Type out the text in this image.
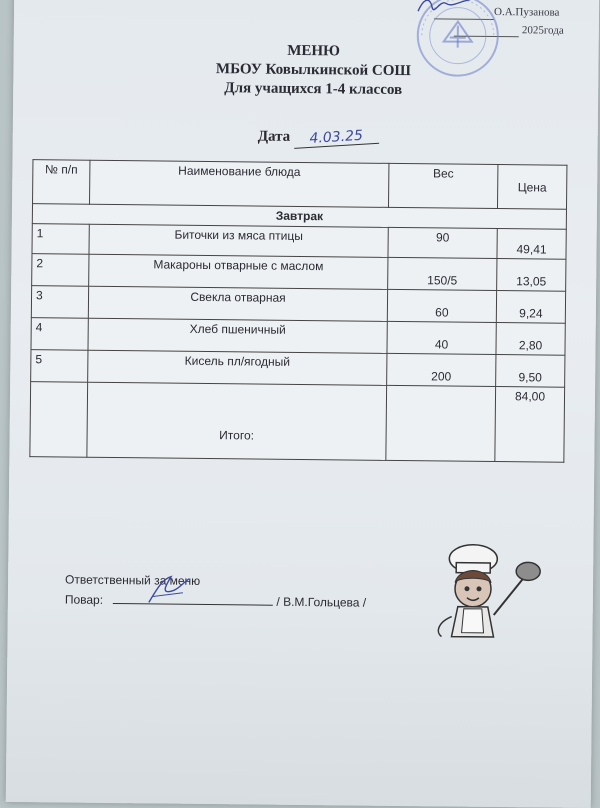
О.А.Пузанова
2025года
МЕНЮ
МБОУ Ковылкинской СОШ
Для учащихся 1-4 классов
Дата 4.03.25
№ п/п	Наименование блюда	Вес	Цена
Завтрак			
1	Биточки из мяса птицы	90	49,41
2	Макароны отварные с маслом	150/5	13,05
3	Свекла отварная	60	9,24
4	Хлеб пшеничный	40	2,80
5	Кисель пл/ягодный	200	9,50
	Итого:		84,00
Ответственный за меню
Повар:	/ В.М.Гольцева /
